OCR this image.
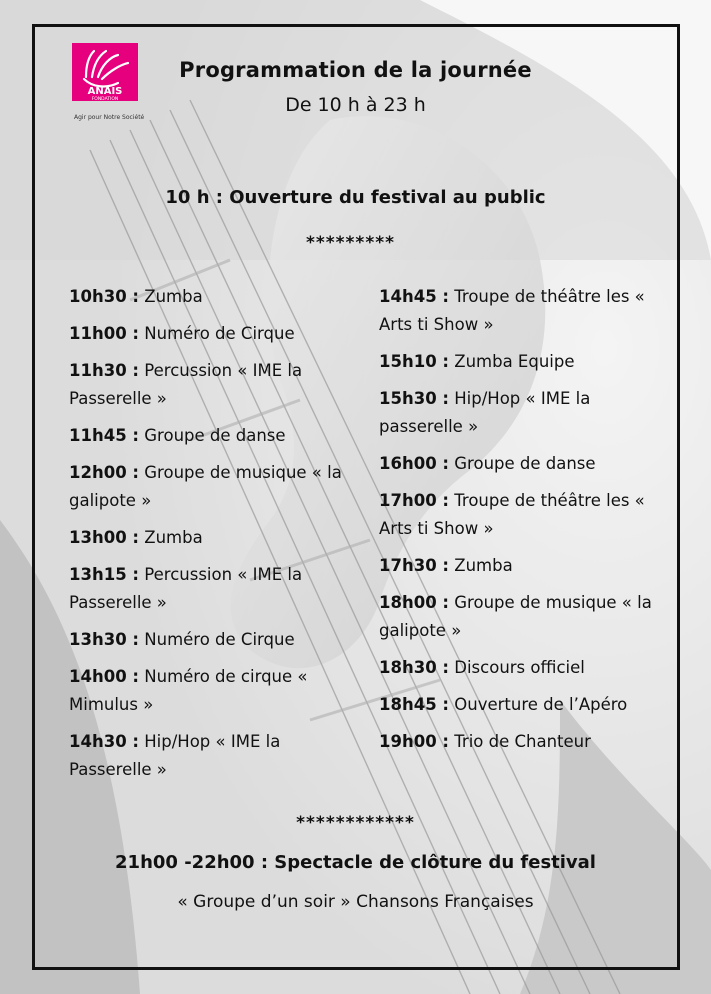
ANAIS
FONDATION
Agir pour Notre Société
Programmation de la journée
De 10 h à 23 h
10 h : Ouverture du festival au public
*********
10h30 : Zumba
11h00 : Numéro de Cirque
11h30 : Percussion « IME la Passerelle »
11h45 : Groupe de danse
12h00 : Groupe de musique « la galipote »
13h00 : Zumba
13h15 : Percussion « IME la Passerelle »
13h30 : Numéro de Cirque
14h00 : Numéro de cirque « Mimulus »
14h30 : Hip/Hop « IME la Passerelle »
14h45 : Troupe de théâtre les « Arts ti Show »
15h10 : Zumba Equipe
15h30 : Hip/Hop « IME la passerelle »
16h00 : Groupe de danse
17h00 : Troupe de théâtre les « Arts ti Show »
17h30 : Zumba
18h00 : Groupe de musique « la galipote »
18h30 : Discours officiel
18h45 : Ouverture de l’Apéro
19h00 : Trio de Chanteur
************
21h00 -22h00 : Spectacle de clôture du festival
« Groupe d’un soir » Chansons Françaises
